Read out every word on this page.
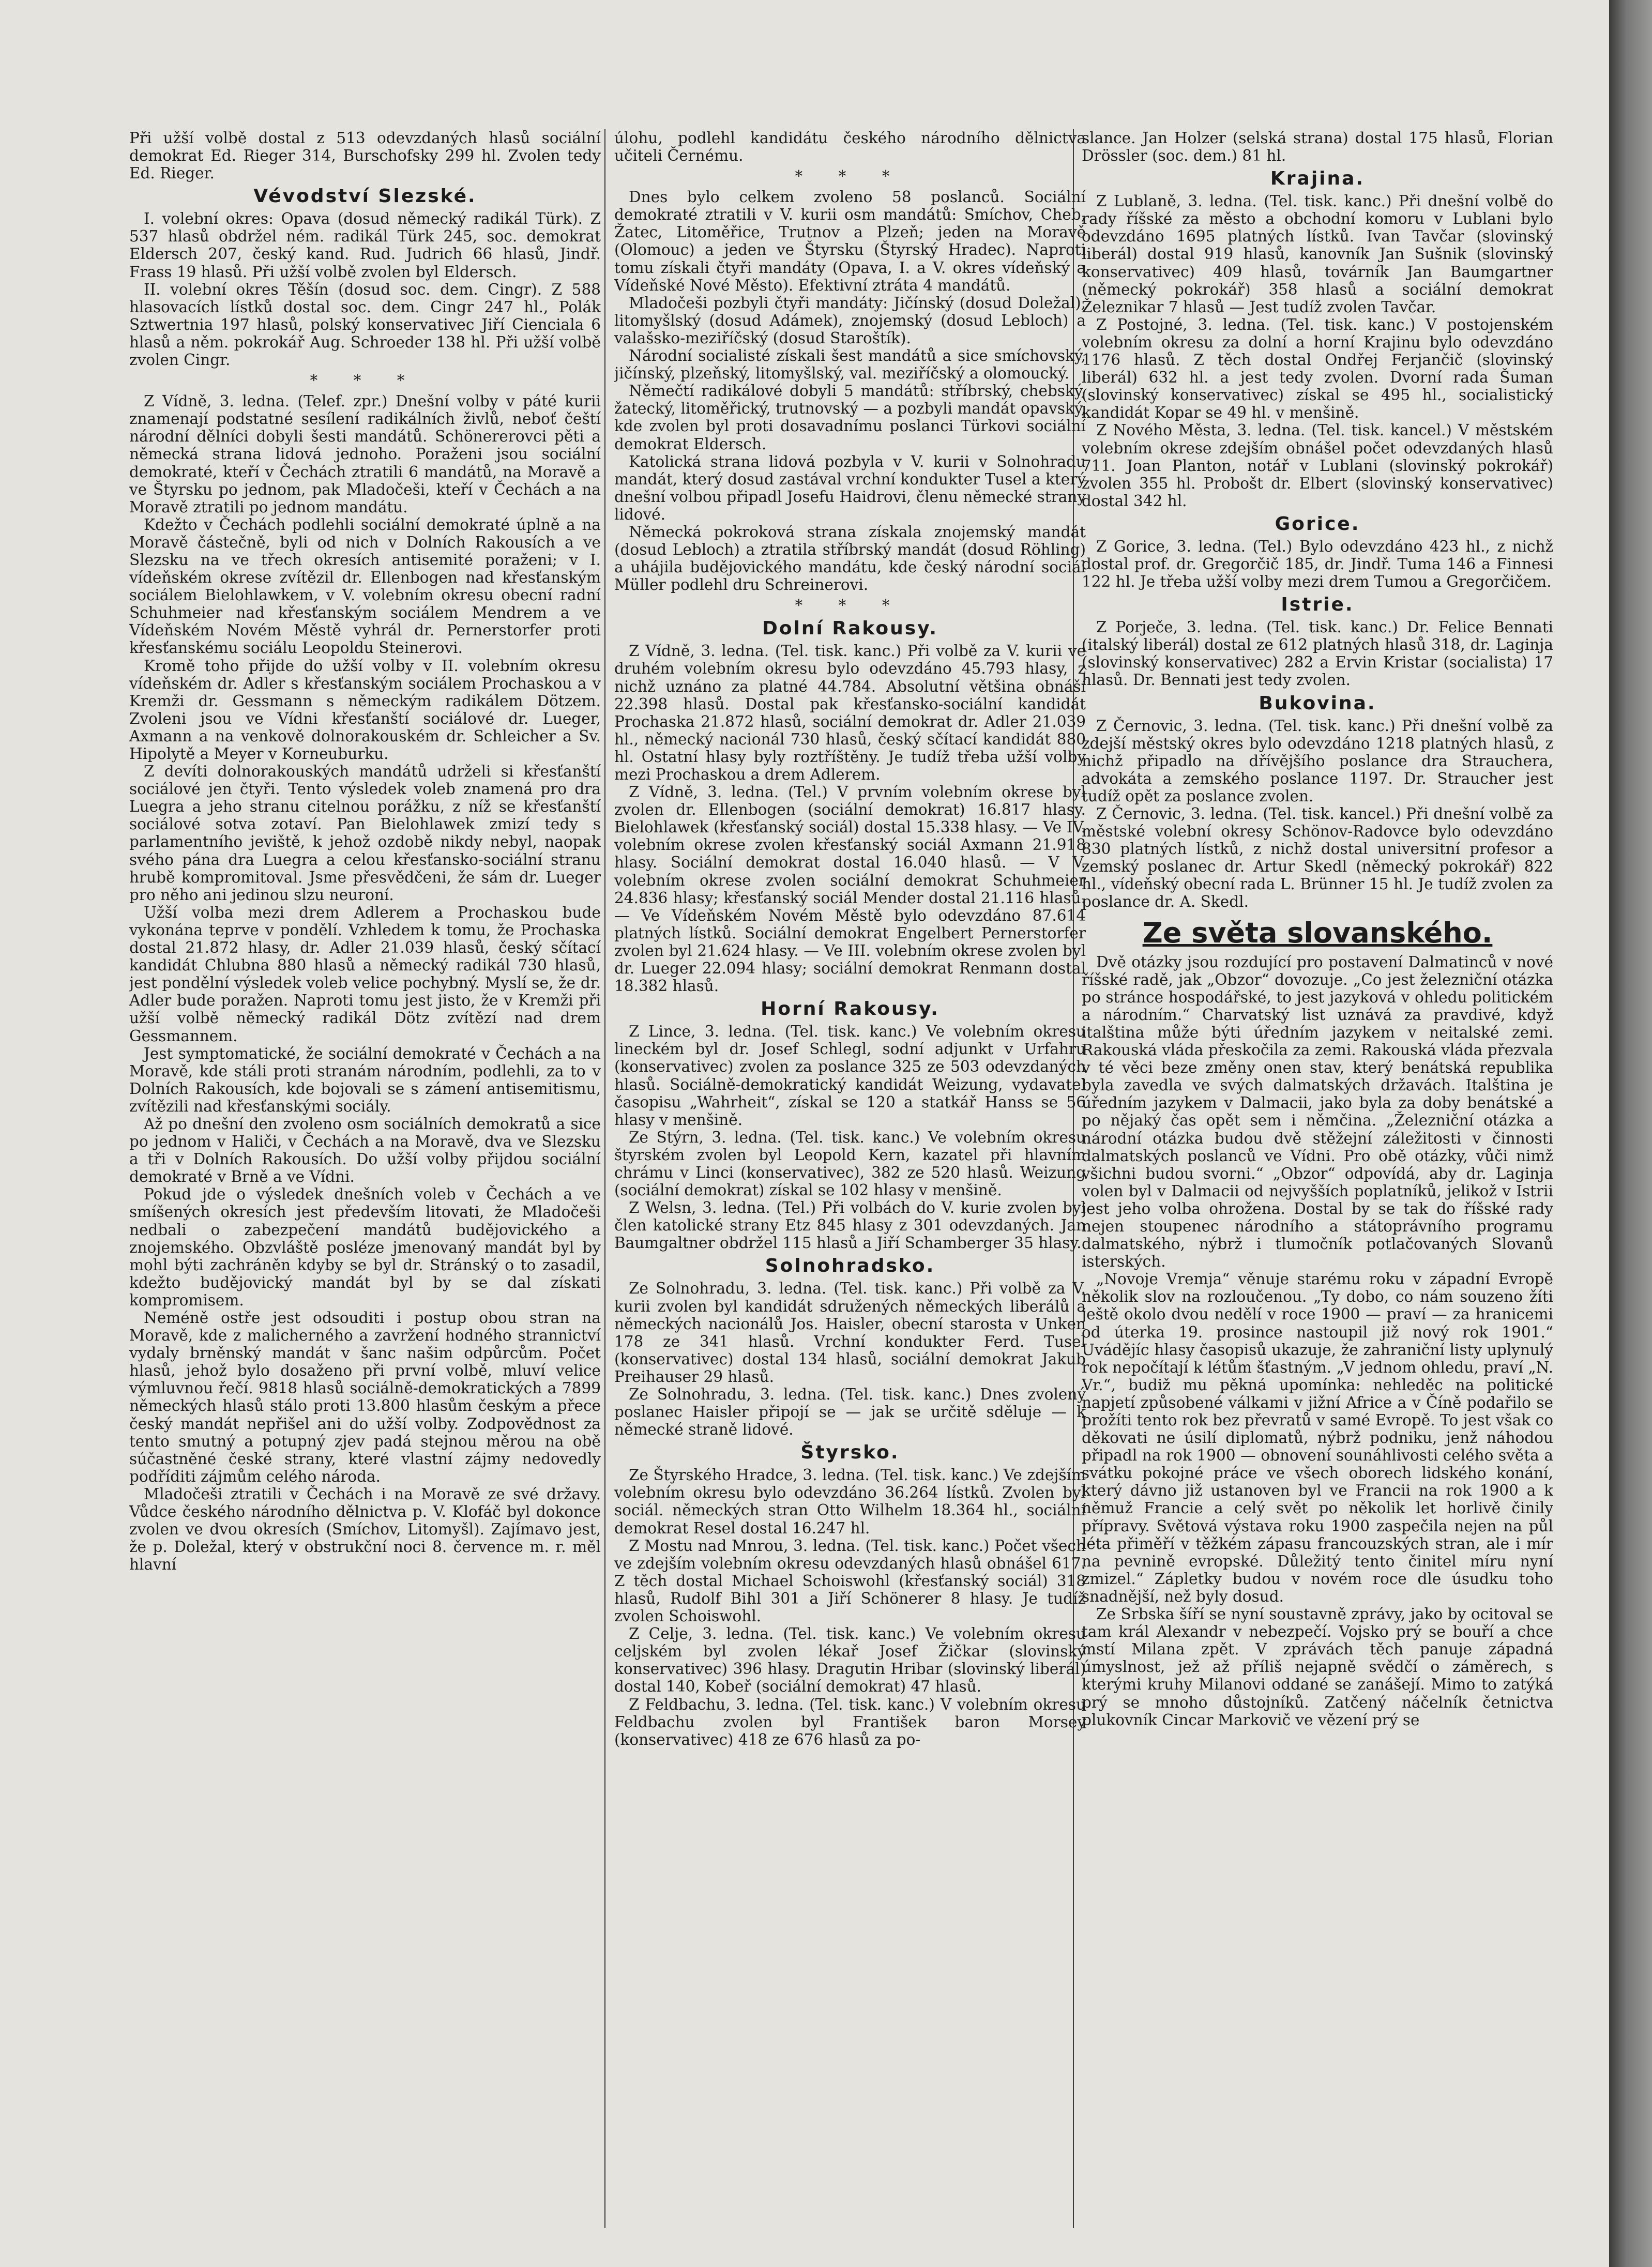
Při užší volbě dostal z 513 odevzdaných hlasů sociální demokrat Ed. Rieger 314, Burschofsky 299 hl. Zvolen tedy Ed. Rieger.

Vévodství Slezské.

I. volební okres: Opava (dosud německý radikál Türk). Z 537 hlasů obdržel ném. radikál Türk 245, soc. demokrat Eldersch 207, český kand. Rud. Judrich 66 hlasů, Jindř. Frass 19 hlasů. Při užší volbě zvolen byl Eldersch.

II. volební okres Těšín (dosud soc. dem. Cingr). Z 588 hlasovacích lístků dostal soc. dem. Cingr 247 hl., Polák Sztwertnia 197 hlasů, polský konservativec Jiří Cienciala 6 hlasů a něm. pokrokář Aug. Schroeder 138 hl. Při užší volbě zvolen Cingr.

* * *

Z Vídně, 3. ledna. (Telef. zpr.) Dnešní volby v páté kurii znamenají podstatné sesílení radikálních živlů, neboť čeští národní dělníci dobyli šesti mandátů. Schönererovci pěti a německá strana lidová jednoho. Poraženi jsou sociální demokraté, kteří v Čechách ztratili 6 mandátů, na Moravě a ve Štyrsku po jednom, pak Mladočeši, kteří v Čechách a na Moravě ztratili po jednom mandátu.

Kdežto v Čechách podlehli sociální demokraté úplně a na Moravě částečně, byli od nich v Dolních Rakousích a ve Slezsku na ve třech okresích antisemité poraženi; v I. vídeňském okrese zvítězil dr. Ellenbogen nad křesťanským sociálem Bielohlawkem, v V. volebním okresu obecní radní Schuhmeier nad křesťanským sociálem Mendrem a ve Vídeňském Novém Městě vyhrál dr. Pernerstorfer proti křesťanskému sociálu Leopoldu Steinerovi.

Kromě toho přijde do užší volby v II. volebním okresu vídeňském dr. Adler s křesťanským sociálem Prochaskou a v Kremži dr. Gessmann s německým radikálem Dötzem. Zvoleni jsou ve Vídni křesťanští sociálové dr. Lueger, Axmann a na venkově dolnorakouském dr. Schleicher a Sv. Hipolytě a Meyer v Korneuburku.

Z devíti dolnorakouských mandátů udrželi si křesťanští sociálové jen čtyři. Tento výsledek voleb znamená pro dra Luegra a jeho stranu citelnou porážku, z níž se křesťanští sociálové sotva zotaví. Pan Bielohlawek zmizí tedy s parlamentního jeviště, k jehož ozdobě nikdy nebyl, naopak svého pána dra Luegra a celou křesťansko-sociální stranu hrubě kompromitoval. Jsme přesvědčeni, že sám dr. Lueger pro něho ani jedinou slzu neuroní.

Užší volba mezi drem Adlerem a Prochaskou bude vykonána teprve v pondělí. Vzhledem k tomu, že Prochaska dostal 21.872 hlasy, dr. Adler 21.039 hlasů, český sčítací kandidát Chlubna 880 hlasů a německý radikál 730 hlasů, jest pondělní výsledek voleb velice pochybný. Myslí se, že dr. Adler bude poražen. Naproti tomu jest jisto, že v Kremži při užší volbě německý radikál Dötz zvítězí nad drem Gessmannem.

Jest symptomatické, že sociální demokraté v Čechách a na Moravě, kde stáli proti stranám národním, podlehli, za to v Dolních Rakousích, kde bojovali se s zámení antisemitismu, zvítězili nad křesťanskými sociály.

Až po dnešní den zvoleno osm sociálních demokratů a sice po jednom v Haliči, v Čechách a na Moravě, dva ve Slezsku a tři v Dolních Rakousích. Do užší volby přijdou sociální demokraté v Brně a ve Vídni.

Pokud jde o výsledek dnešních voleb v Čechách a ve smíšených okresích jest především litovati, že Mladočeši nedbali o zabezpečení mandátů budějovického a znojemského. Obzvláště posléze jmenovaný mandát byl by mohl býti zachráněn kdyby se byl dr. Stránský o to zasadil, kdežto budějovický mandát byl by se dal získati kompromisem.

Neméně ostře jest odsouditi i postup obou stran na Moravě, kde z malicherného a zavržení hodného strannictví vydaly brněnský mandát v šanc našim odpůrcům. Počet hlasů, jehož bylo dosaženo při první volbě, mluví velice výmluvnou řečí. 9818 hlasů sociálně-demokratických a 7899 německých hlasů stálo proti 13.800 hlasům českým a přece český mandát nepřišel ani do užší volby. Zodpovědnost za tento smutný a potupný zjev padá stejnou měrou na obě súčastněné české strany, které vlastní zájmy nedovedly podříditi zájmům celého národa.

Mladočeši ztratili v Čechách i na Moravě ze své državy. Vůdce českého národního dělnictva p. V. Klofáč byl dokonce zvolen ve dvou okresích (Smíchov, Litomyšl). Zajímavo jest, že p. Doležal, který v obstrukční noci 8. července m. r. měl hlavní

úlohu, podlehl kandidátu českého národního dělnictva učiteli Černému.

* * *

Dnes bylo celkem zvoleno 58 poslanců. Sociální demokraté ztratili v V. kurii osm mandátů: Smíchov, Cheb, Žatec, Litoměřice, Trutnov a Plzeň; jeden na Moravě (Olomouc) a jeden ve Štyrsku (Štyrský Hradec). Naproti tomu získali čtyři mandáty (Opava, I. a V. okres vídeňský a Vídeňské Nové Město). Efektivní ztráta 4 mandátů.

Mladočeši pozbyli čtyři mandáty: Jičínský (dosud Doležal), litomyšlský (dosud Adámek), znojemský (dosud Lebloch) a valašsko-meziříčský (dosud Staroštík).

Národní socialisté získali šest mandátů a sice smíchovský, jičínský, plzeňský, litomyšlský, val. meziříčský a olomoucký.

Němečtí radikálové dobyli 5 mandátů: stříbrský, chebský, žatecký, litoměřický, trutnovský — a pozbyli mandát opavský, kde zvolen byl proti dosavadnímu poslanci Türkovi sociální demokrat Eldersch.

Katolická strana lidová pozbyla v V. kurii v Solnohradu mandát, který dosud zastával vrchní kondukter Tusel a který dnešní volbou připadl Josefu Haidrovi, členu německé strany lidové.

Německá pokroková strana získala znojemský mandát (dosud Lebloch) a ztratila stříbrský mandát (dosud Röhling) a uhájila budějovického mandátu, kde český národní sociál Müller podlehl dru Schreinerovi.

* * *
Dolní Rakousy.

Z Vídně, 3. ledna. (Tel. tisk. kanc.) Při volbě za V. kurii ve druhém volebním okresu bylo odevzdáno 45.793 hlasy, z nichž uznáno za platné 44.784. Absolutní většina obnáší 22.398 hlasů. Dostal pak křesťansko-sociální kandidát Prochaska 21.872 hlasů, sociální demokrat dr. Adler 21.039 hl., německý nacionál 730 hlasů, český sčítací kandidát 880 hl. Ostatní hlasy byly roztříštěny. Je tudíž třeba užší volby mezi Prochaskou a drem Adlerem.

Z Vídně, 3. ledna. (Tel.) V prvním volebním okrese byl zvolen dr. Ellenbogen (sociální demokrat) 16.817 hlasy. Bielohlawek (křesťanský sociál) dostal 15.338 hlasy. — Ve IV. volebním okrese zvolen křesťanský sociál Axmann 21.918 hlasy. Sociální demokrat dostal 16.040 hlasů. — V V. volebním okrese zvolen sociální demokrat Schuhmeier 24.836 hlasy; křesťanský sociál Mender dostal 21.116 hlasů. — Ve Vídeňském Novém Městě bylo odevzdáno 87.614 platných lístků. Sociální demokrat Engelbert Pernerstorfer zvolen byl 21.624 hlasy. — Ve III. volebním okrese zvolen byl dr. Lueger 22.094 hlasy; sociální demokrat Renmann dostal 18.382 hlasů.

Horní Rakousy.

Z Lince, 3. ledna. (Tel. tisk. kanc.) Ve volebním okresu lineckém byl dr. Josef Schlegl, sodní adjunkt v Urfahru (konservativec) zvolen za poslance 325 ze 503 odevzdaných hlasů. Sociálně-demokratický kandidát Weizung, vydavatel časopisu „Wahrheit“, získal se 120 a statkář Hanss se 56 hlasy v menšině.

Ze Stýrn, 3. ledna. (Tel. tisk. kanc.) Ve volebním okresu štyrském zvolen byl Leopold Kern, kazatel při hlavním chrámu v Linci (konservativec), 382 ze 520 hlasů. Weizung (sociální demokrat) získal se 102 hlasy v menšině.

Z Welsn, 3. ledna. (Tel.) Při volbách do V. kurie zvolen byl člen katolické strany Etz 845 hlasy z 301 odevzdaných. Jan Baumgaltner obdržel 115 hlasů a Jiří Schamberger 35 hlasy.

Solnohradsko.

Ze Solnohradu, 3. ledna. (Tel. tisk. kanc.) Při volbě za V. kurii zvolen byl kandidát sdružených německých liberálů a německých nacionálů Jos. Haisler, obecní starosta v Unken 178 ze 341 hlasů. Vrchní kondukter Ferd. Tusel (konservativec) dostal 134 hlasů, sociální demokrat Jakub Preihauser 29 hlasů.

Ze Solnohradu, 3. ledna. (Tel. tisk. kanc.) Dnes zvolený poslanec Haisler připojí se — jak se určitě sděluje — k německé straně lidové.

Štyrsko.

Ze Štyrského Hradce, 3. ledna. (Tel. tisk. kanc.) Ve zdejším volebním okresu bylo odevzdáno 36.264 lístků. Zvolen byl sociál. německých stran Otto Wilhelm 18.364 hl., sociální demokrat Resel dostal 16.247 hl.

Z Mostu nad Mnrou, 3. ledna. (Tel. tisk. kanc.) Počet všech ve zdejším volebním okresu odevzdaných hlasů obnášel 617. Z těch dostal Michael Schoiswohl (křesťanský sociál) 318 hlasů, Rudolf Bihl 301 a Jiří Schönerer 8 hlasy. Je tudíž zvolen Schoiswohl.

Z Celje, 3. ledna. (Tel. tisk. kanc.) Ve volebním okresu celjském byl zvolen lékař Josef Žičkar (slovinský konservativec) 396 hlasy. Dragutin Hribar (slovinský liberál) dostal 140, Kobeř (sociální demokrat) 47 hlasů.

Z Feldbachu, 3. ledna. (Tel. tisk. kanc.) V volebním okresu Feldbachu zvolen byl František baron Morsey (konservativec) 418 ze 676 hlasů za po-

slance. Jan Holzer (selská strana) dostal 175 hlasů, Florian Drössler (soc. dem.) 81 hl.

Krajina.

Z Lublaně, 3. ledna. (Tel. tisk. kanc.) Při dnešní volbě do rady říšské za město a obchodní komoru v Lublani bylo odevzdáno 1695 platných lístků. Ivan Tavčar (slovinský liberál) dostal 919 hlasů, kanovník Jan Sušnik (slovinský konservativec) 409 hlasů, továrník Jan Baumgartner (německý pokrokář) 358 hlasů a sociální demokrat Železnikar 7 hlasů — Jest tudíž zvolen Tavčar.

Z Postojné, 3. ledna. (Tel. tisk. kanc.) V postojenském volebním okresu za dolní a horní Krajinu bylo odevzdáno 1176 hlasů. Z těch dostal Ondřej Ferjančič (slovinský liberál) 632 hl. a jest tedy zvolen. Dvorní rada Šuman (slovinský konservativec) získal se 495 hl., socialistický kandidát Kopar se 49 hl. v menšině.

Z Nového Města, 3. ledna. (Tel. tisk. kancel.) V městském volebním okrese zdejším obnášel počet odevzdaných hlasů 711. Joan Planton, notář v Lublani (slovinský pokrokář) zvolen 355 hl. Probošt dr. Elbert (slovinský konservativec) dostal 342 hl.

Gorice.

Z Gorice, 3. ledna. (Tel.) Bylo odevzdáno 423 hl., z nichž dostal prof. dr. Gregorčič 185, dr. Jindř. Tuma 146 a Finnesi 122 hl. Je třeba užší volby mezi drem Tumou a Gregorčičem.

Istrie.

Z Porječe, 3. ledna. (Tel. tisk. kanc.) Dr. Felice Bennati (italský liberál) dostal ze 612 platných hlasů 318, dr. Laginja (slovinský konservativec) 282 a Ervin Kristar (socialista) 17 hlasů. Dr. Bennati jest tedy zvolen.

Bukovina.

Z Černovic, 3. ledna. (Tel. tisk. kanc.) Při dnešní volbě za zdejší městský okres bylo odevzdáno 1218 platných hlasů, z nichž připadlo na dřívějšího poslance dra Strauchera, advokáta a zemského poslance 1197. Dr. Straucher jest tudíž opět za poslance zvolen.

Z Černovic, 3. ledna. (Tel. tisk. kancel.) Při dnešní volbě za městské volební okresy Schönov-Radovce bylo odevzdáno 830 platných lístků, z nichž dostal universitní profesor a zemský poslanec dr. Artur Skedl (německý pokrokář) 822 hl., vídeňský obecní rada L. Brünner 15 hl. Je tudíž zvolen za poslance dr. A. Skedl.

Ze světa slovanského.

Dvě otázky jsou rozdující pro postavení Dalmatinců v nové říšské radě, jak „Obzor“ dovozuje. „Co jest železniční otázka po stránce hospodářské, to jest jazyková v ohledu politickém a národním.“ Charvatský list uznává za pravdivé, když italština může býti úředním jazykem v neitalské zemi. Rakouská vláda přeskočila za zemi. Rakouská vláda přezvala v té věci beze změny onen stav, který benátská republika byla zavedla ve svých dalmatských državách. Italština je úředním jazykem v Dalmacii, jako byla za doby benátské a po nějaký čas opět sem i němčina. „Železniční otázka a národní otázka budou dvě stěžejní záležitosti v činnosti dalmatských poslanců ve Vídni. Pro obě otázky, vůči nimž všichni budou svorni.“ „Obzor“ odpovídá, aby dr. Laginja volen byl v Dalmacii od nejvyšších poplatníků, jelikož v Istrii jest jeho volba ohrožena. Dostal by se tak do říšské rady nejen stoupenec národního a státoprávního programu dalmatského, nýbrž i tlumočník potlačovaných Slovanů isterských.

„Novoje Vremja“ věnuje starému roku v západní Evropě několik slov na rozloučenou. „Ty dobo, co nám souzeno žíti ještě okolo dvou nedělí v roce 1900 — praví — za hranicemi od úterka 19. prosince nastoupil již nový rok 1901.“ Uvádějíc hlasy časopisů ukazuje, že zahraniční listy uplynulý rok nepočítají k létům šťastným. „V jednom ohledu, praví „N. Vr.“, budiž mu pěkná upomínka: nehleděc na politické napjetí způsobené válkami v jižní Africe a v Číně podařilo se prožíti tento rok bez převratů v samé Evropě. To jest však co děkovati ne úsilí diplomatů, nýbrž podniku, jenž náhodou připadl na rok 1900 — obnovení sounáhlivosti celého světa a svátku pokojné práce ve všech oborech lidského konání, který dávno již ustanoven byl ve Francii na rok 1900 a k němuž Francie a celý svět po několik let horlivě činily přípravy. Světová výstava roku 1900 zaspečila nejen na půl léta přiměří v těžkém zápasu francouzských stran, ale i mír na pevnině evropské. Důležitý tento činitel míru nyní zmizel.“ Zápletky budou v novém roce dle úsudku toho snadnější, než byly dosud.

Ze Srbska šíří se nyní soustavně zprávy, jako by ocitoval se tam král Alexandr v nebezpečí. Vojsko prý se bouří a chce mstí Milana zpět. V zprávách těch panuje západná úmyslnost, jež až příliš nejapně svědčí o záměrech, s kterými kruhy Milanovi oddané se zanášejí. Mimo to zatýká prý se mnoho důstojníků. Zatčený náčelník četnictva plukovník Cincar Markovič ve vězení prý se
